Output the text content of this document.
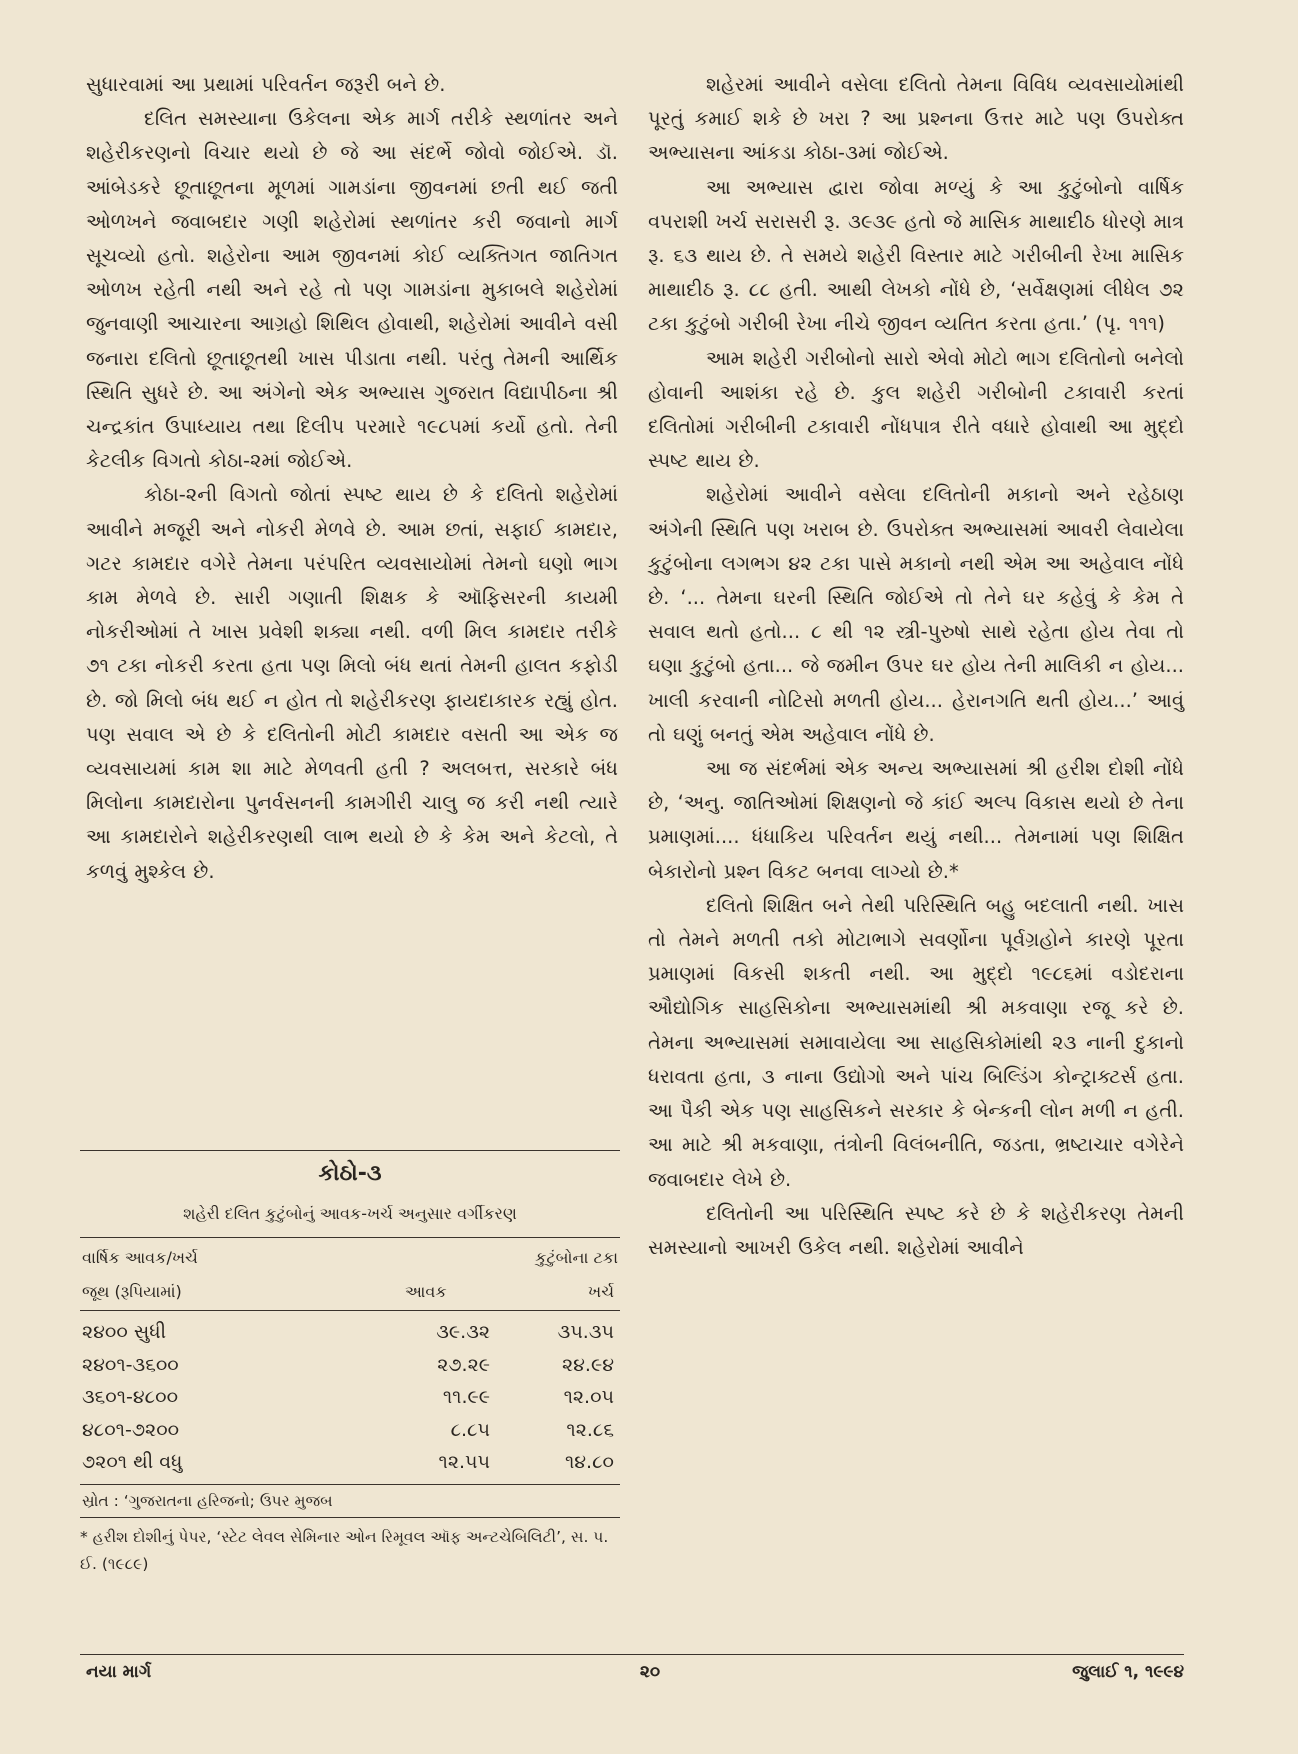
સુધારવામાં આ પ્રથામાં પરિવર્તન જરૂરી બને છે.

દલિત સમસ્યાના ઉકેલના એક માર્ગ તરીકે સ્થળાંતર અને શહેરીકરણનો વિચાર થયો છે જે આ સંદર્ભે જોવો જોઈએ. ડૉ. આંબેડકરે છૂતાછૂતના મૂળમાં ગામડાંના જીવનમાં છતી થઈ જતી ઓળખને જવાબદાર ગણી શહેરોમાં સ્થળાંતર કરી જવાનો માર્ગ સૂચવ્યો હતો. શહેરોના આમ જીવનમાં કોઈ વ્યક્તિગત જાતિગત ઓળખ રહેતી નથી અને રહે તો પણ ગામડાંના મુકાબલે શહેરોમાં જુનવાણી આચારના આગ્રહો શિથિલ હોવાથી, શહેરોમાં આવીને વસી જનારા દલિતો છૂતાછૂતથી ખાસ પીડાતા નથી. પરંતુ તેમની આર્થિક સ્થિતિ સુધરે છે. આ અંગેનો એક અભ્યાસ ગુજરાત વિદ્યાપીઠના શ્રી ચન્દ્રકાંત ઉપાધ્યાય તથા દિલીપ પરમારે ૧૯૮૫માં કર્યો હતો. તેની કેટલીક વિગતો કોઠા-૨માં જોઈએ.

કોઠા-૨ની વિગતો જોતાં સ્પષ્ટ થાય છે કે દલિતો શહેરોમાં આવીને મજૂરી અને નોકરી મેળવે છે. આમ છતાં, સફાઈ કામદાર, ગટર કામદાર વગેરે તેમના પરંપરિત વ્યવસાયોમાં તેમનો ઘણો ભાગ કામ મેળવે છે. સારી ગણાતી શિક્ષક કે ઑફિસરની કાયમી નોકરીઓમાં તે ખાસ પ્રવેશી શક્યા નથી. વળી મિલ કામદાર તરીકે ૭૧ ટકા નોકરી કરતા હતા પણ મિલો બંધ થતાં તેમની હાલત કફોડી છે. જો મિલો બંધ થઈ ન હોત તો શહેરીકરણ ફાયદાકારક રહ્યું હોત. પણ સવાલ એ છે કે દલિતોની મોટી કામદાર વસતી આ એક જ વ્યવસાયમાં કામ શા માટે મેળવતી હતી ? અલબત્ત, સરકારે બંધ મિલોના કામદારોના પુનર્વસનની કામગીરી ચાલુ જ કરી નથી ત્યારે આ કામદારોને શહેરીકરણથી લાભ થયો છે કે કેમ અને કેટલો, તે કળવું મુશ્કેલ છે.

કોઠો-૩
શહેરી દલિત કુટુંબોનું આવક-ખર્ચ અનુસાર વર્ગીકરણ
વાર્ષિક આવક/ખર્ચ
જૂથ (રૂપિયામાં)
કુટુંબોના ટકા
આવક	ખર્ચ
૨૪૦૦ સુધી	૩૯.૩૨	૩૫.૩૫
૨૪૦૧-૩૬૦૦	૨૭.૨૯	૨૪.૯૪
૩૬૦૧-૪૮૦૦	૧૧.૯૯	૧૨.૦૫
૪૮૦૧-૭૨૦૦	૮.૮૫	૧૨.૮૬
૭૨૦૧ થી વધુ	૧૨.૫૫	૧૪.૮૦
સ્રોત : ‘ગુજરાતના હરિજનો; ઉપર મુજબ
* હરીશ દોશીનું પેપર, ‘સ્ટેટ લેવલ સેમિનાર ઓન રિમૂવલ ઑફ અન્ટચેબિલિટી’, સ. પ. ઈ. (૧૯૮૯)

શહેરમાં આવીને વસેલા દલિતો તેમના વિવિધ વ્યવસાયોમાંથી પૂરતું કમાઈ શકે છે ખરા ? આ પ્રશ્નના ઉત્તર માટે પણ ઉપરોક્ત અભ્યાસના આંકડા કોઠા-૩માં જોઈએ.

આ અભ્યાસ દ્વારા જોવા મળ્યું કે આ કુટુંબોનો વાર્ષિક વપરાશી ખર્ચ સરાસરી રૂ. ૩૯૩૯ હતો જે માસિક માથાદીઠ ધોરણે માત્ર રૂ. ૬૩ થાય છે. તે સમયે શહેરી વિસ્તાર માટે ગરીબીની રેખા માસિક માથાદીઠ રૂ. ૮૮ હતી. આથી લેખકો નોંધે છે, ‘સર્વેક્ષણમાં લીધેલ ૭૨ ટકા કુટુંબો ગરીબી રેખા નીચે જીવન વ્યતિત કરતા હતા.’ (પૃ. ૧૧૧)

આમ શહેરી ગરીબોનો સારો એવો મોટો ભાગ દલિતોનો બનેલો હોવાની આશંકા રહે છે. કુલ શહેરી ગરીબોની ટકાવારી કરતાં દલિતોમાં ગરીબીની ટકાવારી નોંધપાત્ર રીતે વધારે હોવાથી આ મુદ્દો સ્પષ્ટ થાય છે.

શહેરોમાં આવીને વસેલા દલિતોની મકાનો અને રહેઠાણ અંગેની સ્થિતિ પણ ખરાબ છે. ઉપરોક્ત અભ્યાસમાં આવરી લેવાયેલા કુટુંબોના લગભગ ૪૨ ટકા પાસે મકાનો નથી એમ આ અહેવાલ નોંધે છે. ‘... તેમના ઘરની સ્થિતિ જોઈએ તો તેને ઘર કહેવું કે કેમ તે સવાલ થતો હતો... ૮ થી ૧૨ સ્ત્રી-પુરુષો સાથે રહેતા હોય તેવા તો ઘણા કુટુંબો હતા... જે જમીન ઉપર ઘર હોય તેની માલિકી ન હોય... ખાલી કરવાની નોટિસો મળતી હોય... હેરાનગતિ થતી હોય...’ આવું તો ઘણું બનતું એમ અહેવાલ નોંધે છે.

આ જ સંદર્ભમાં એક અન્ય અભ્યાસમાં શ્રી હરીશ દોશી નોંધે છે, ‘અનુ. જાતિઓમાં શિક્ષણનો જે કાંઈ અલ્પ વિકાસ થયો છે તેના પ્રમાણમાં.... ધંધાકિય પરિવર્તન થયું નથી... તેમનામાં પણ શિક્ષિત બેકારોનો પ્રશ્ન વિકટ બનવા લાગ્યો છે.*

દલિતો શિક્ષિત બને તેથી પરિસ્થિતિ બહુ બદલાતી નથી. ખાસ તો તેમને મળતી તકો મોટાભાગે સવર્ણોના પૂર્વગ્રહોને કારણે પૂરતા પ્રમાણમાં વિકસી શકતી નથી. આ મુદ્દો ૧૯૮૬માં વડોદરાના ઔદ્યોગિક સાહસિકોના અભ્યાસમાંથી શ્રી મકવાણા રજૂ કરે છે. તેમના અભ્યાસમાં સમાવાયેલા આ સાહસિકોમાંથી ૨૩ નાની દુકાનો ધરાવતા હતા, ૩ નાના ઉદ્યોગો અને પાંચ બિલ્ડિંગ કોન્ટ્રાક્ટર્સ હતા. આ પૈકી એક પણ સાહસિકને સરકાર કે બેન્કની લોન મળી ન હતી. આ માટે શ્રી મકવાણા, તંત્રોની વિલંબનીતિ, જડતા, ભ્રષ્ટાચાર વગેરેને જવાબદાર લેખે છે.

દલિતોની આ પરિસ્થિતિ સ્પષ્ટ કરે છે કે શહેરીકરણ તેમની સમસ્યાનો આખરી ઉકેલ નથી. શહેરોમાં આવીને

નયા માર્ગ	૨૦	જુલાઈ ૧, ૧૯૯૪
